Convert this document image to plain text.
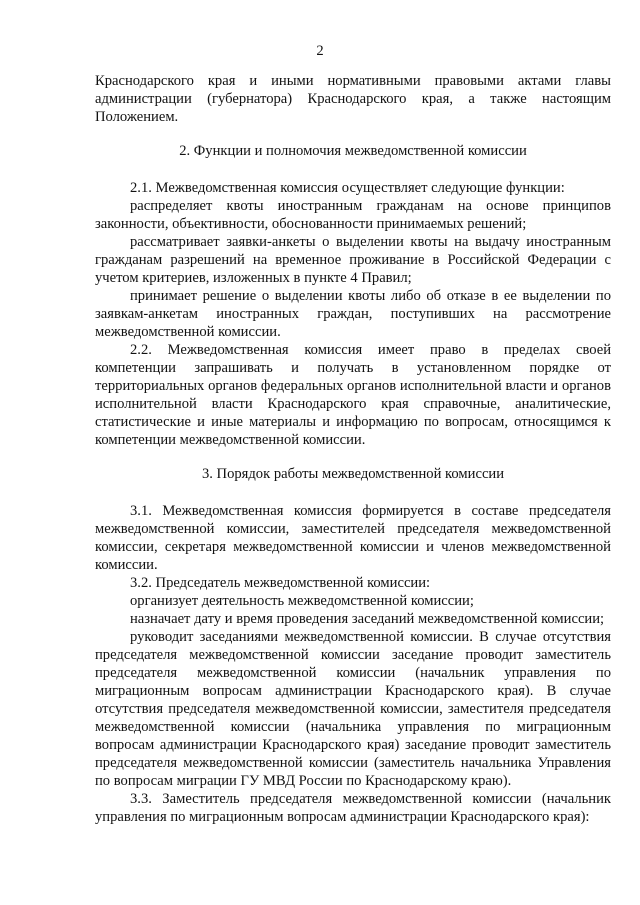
2

Краснодарского края и иными нормативными правовыми актами главы администрации (губернатора) Краснодарского края, а также настоящим Положением.

2. Функции и полномочия межведомственной комиссии

2.1. Межведомственная комиссия осуществляет следующие функции:

распределяет квоты иностранным гражданам на основе принципов законности, объективности, обоснованности принимаемых решений;

рассматривает заявки-анкеты о выделении квоты на выдачу иностранным гражданам разрешений на временное проживание в Российской Федерации с учетом критериев, изложенных в пункте 4 Правил;

принимает решение о выделении квоты либо об отказе в ее выделении по заявкам-анкетам иностранных граждан, поступивших на рассмотрение межведомственной комиссии.

2.2. Межведомственная комиссия имеет право в пределах своей компетенции запрашивать и получать в установленном порядке от территориальных органов федеральных органов исполнительной власти и органов исполнительной власти Краснодарского края справочные, аналитические, статистические и иные материалы и информацию по вопросам, относящимся к компетенции межведомственной комиссии.

3. Порядок работы межведомственной комиссии

3.1. Межведомственная комиссия формируется в составе председателя межведомственной комиссии, заместителей председателя межведомственной комиссии, секретаря межведомственной комиссии и членов межведомственной комиссии.

3.2. Председатель межведомственной комиссии:

организует деятельность межведомственной комиссии;

назначает дату и время проведения заседаний межведомственной комиссии;

руководит заседаниями межведомственной комиссии. В случае отсутствия председателя межведомственной комиссии заседание проводит заместитель председателя межведомственной комиссии (начальник управления по миграционным вопросам администрации Краснодарского края). В случае отсутствия председателя межведомственной комиссии, заместителя председателя межведомственной комиссии (начальника управления по миграционным вопросам администрации Краснодарского края) заседание проводит заместитель председателя межведомственной комиссии (заместитель начальника Управления по вопросам миграции ГУ МВД России по Краснодарскому краю).

3.3. Заместитель председателя межведомственной комиссии (начальник управления по миграционным вопросам администрации Краснодарского края):
